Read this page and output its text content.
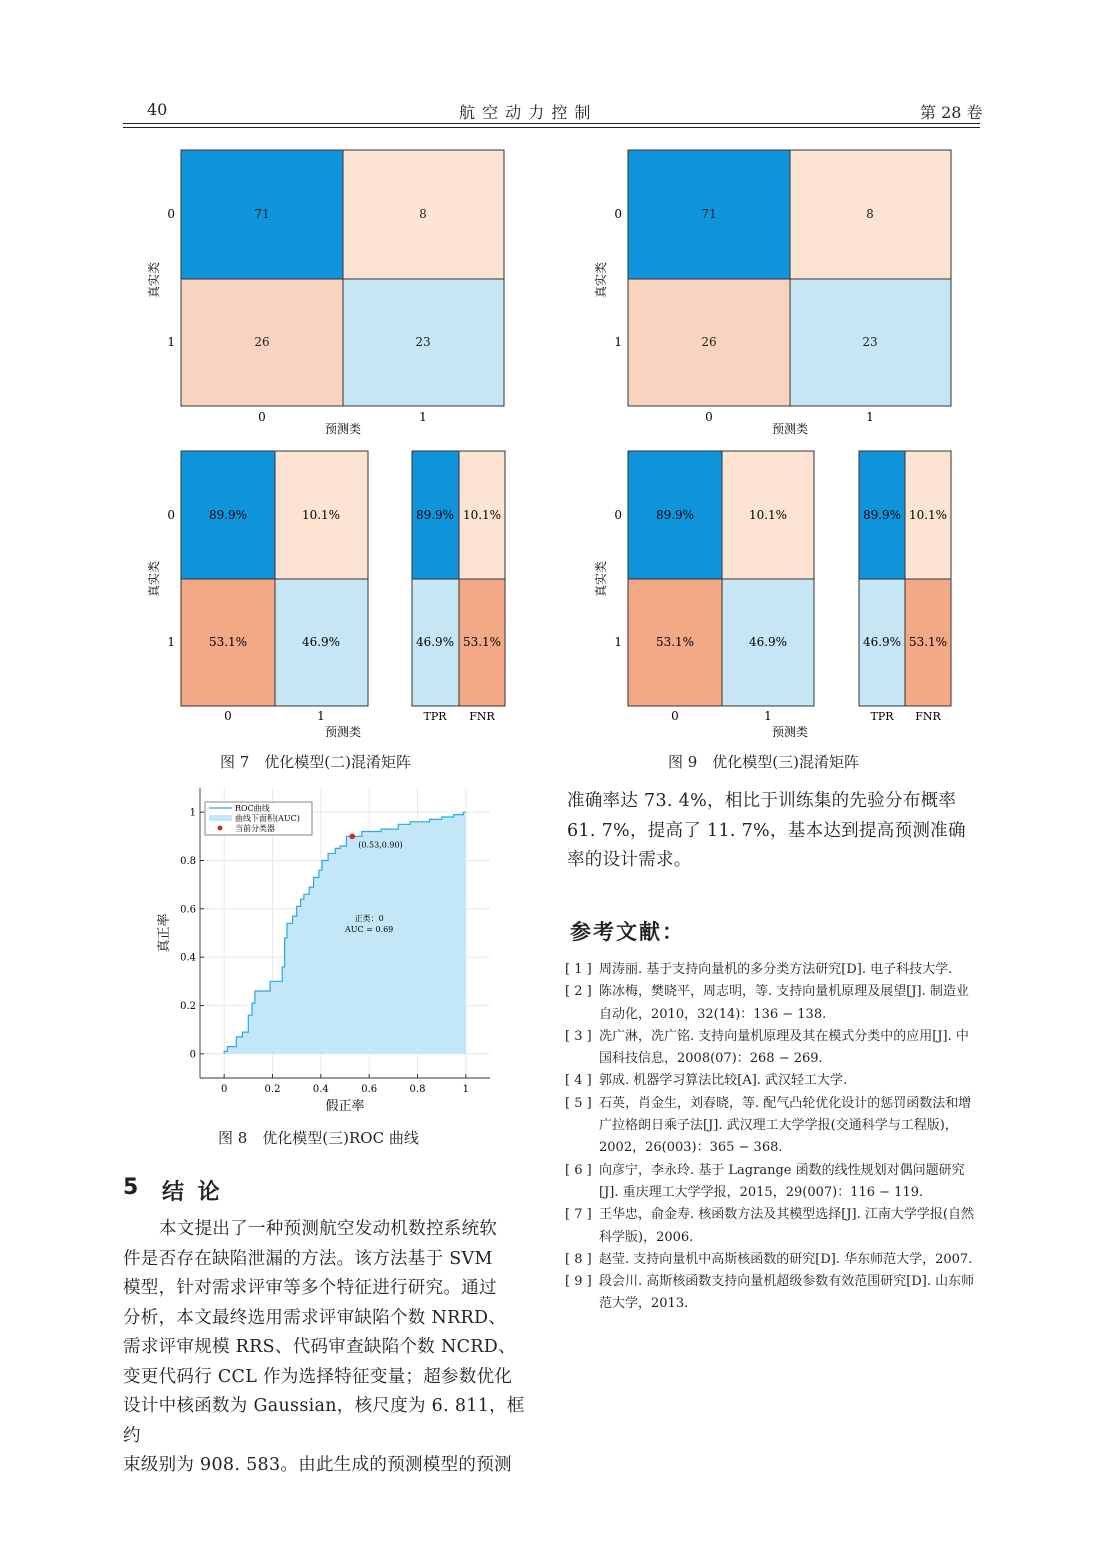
40	航 空 动 力 控 制	第 28 卷
71	8
26	23
0
1
0	1
预测类
真实类
71	8
26	23
0
1
0	1
预测类
真实类
89.9%	10.1%
53.1%	46.9%
89.9% 10.1%
46.9% 53.1%
0
1
0	1	TPR FNR
预测类
真实类
89.9%	10.1%
53.1%	46.9%
89.9% 10.1%
46.9% 53.1%
0
1
0	1	TPR FNR
预测类
真实类
图 7　优化模型(二)混淆矩阵	图 9　优化模型(三)混淆矩阵
0
0
0.2
0.2
0.4
0.4
0.6
0.6
0.8
0.8
1
1
(0.53,0.90)
正类：0
AUC = 0.69
ROC曲线
曲线下面积(AUC)
当前分类器
假正率
真正率
图 8　优化模型(三)ROC 曲线

准确率达 73. 4%，相比于训练集的先验分布概率

61. 7%，提高了 11. 7%，基本达到提高预测准确

率的设计需求。

参考文献：
[ 1 ] 周涛丽. 基于支持向量机的多分类方法研究[D]. 电子科技大学.
[ 2 ] 陈冰梅，樊晓平，周志明，等. 支持向量机原理及展望[J]. 制造业自动化，2010，32(14)：136 − 138.
[ 3 ] 冼广淋，冼广铭. 支持向量机原理及其在模式分类中的应用[J]. 中国科技信息，2008(07)：268 − 269.
[ 4 ] 郭成. 机器学习算法比较[A]. 武汉轻工大学.
[ 5 ] 石英，肖金生，刘春晓，等. 配气凸轮优化设计的惩罚函数法和增广拉格朗日乘子法[J]. 武汉理工大学学报(交通科学与工程版)，2002，26(003)：365 − 368.
[ 6 ] 向彦宁，李永玲. 基于 Lagrange 函数的线性规划对偶问题研究[J]. 重庆理工大学学报，2015，29(007)：116 − 119.
[ 7 ] 王华忠，俞金寿. 核函数方法及其模型选择[J]. 江南大学学报(自然科学版)，2006.
[ 8 ] 赵莹. 支持向量机中高斯核函数的研究[D]. 华东师范大学，2007.
[ 9 ] 段会川. 高斯核函数支持向量机超级参数有效范围研究[D]. 山东师范大学，2013.
5 结 论

本文提出了一种预测航空发动机数控系统软

件是否存在缺陷泄漏的方法。该方法基于 SVM

模型，针对需求评审等多个特征进行研究。通过

分析，本文最终选用需求评审缺陷个数 NRRD、

需求评审规模 RRS、代码审查缺陷个数 NCRD、

变更代码行 CCL 作为选择特征变量；超参数优化

设计中核函数为 Gaussian，核尺度为 6. 811，框约

束级别为 908. 583。由此生成的预测模型的预测
